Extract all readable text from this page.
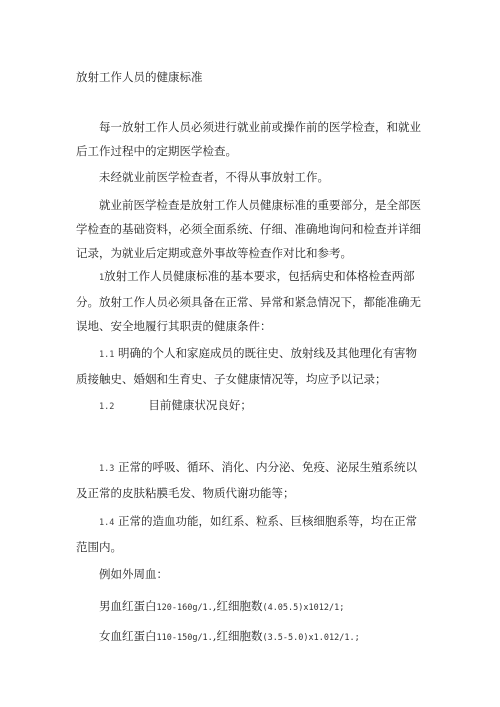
放射工作人员的健康标准

每一放射工作人员必须进行就业前或操作前的医学检查，和就业后工作过程中的定期医学检查。

未经就业前医学检查者，不得从事放射工作。

就业前医学检查是放射工作人员健康标准的重要部分，是全部医学检查的基础资料，必须全面系统、仔细、准确地询问和检查并详细记录，为就业后定期或意外事故等检查作对比和参考。

1放射工作人员健康标准的基本要求，包括病史和体格检查两部分。 放射工作人员必须具备在正常、异常和紧急情况下，都能准确无误地、安全地履行其职责的健康条件：

1.1 明确的个人和家庭成员的既往史、放射线及其他理化有害物质接触史、婚姻和生育史、子女健康情况等，均应予以记录；

1.2	目前健康状况良好；

1.3 正常的呼吸、循环、消化、内分泌、免疫、泌尿生殖系统以及正常的皮肤粘膜毛发、物质代谢功能等；

1.4 正常的造血功能，如红系、粒系、巨核细胞系等，均在正常范围内。

例如外周血：

男血红蛋白120-160g/1.,红细胞数(4.05.5)x1012/1;

女血红蛋白110-150g/1.,红细胞数(3.5-5.0)x1.012/1.;
